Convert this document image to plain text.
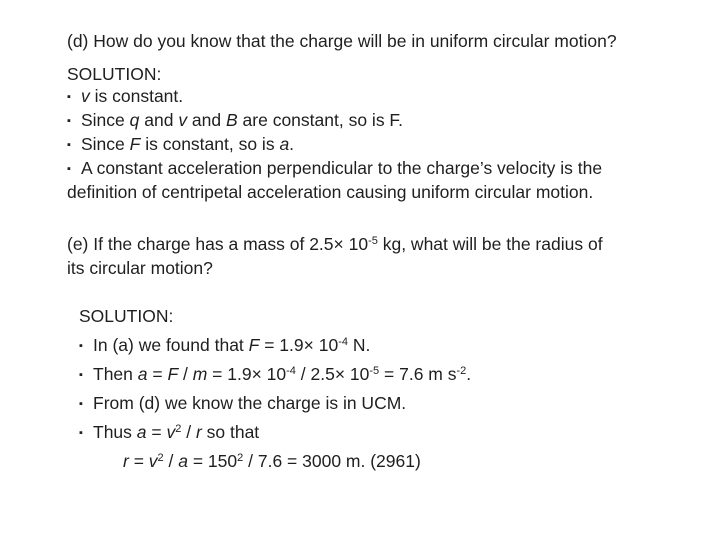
(d) How do you know that the charge will be in uniform circular motion?
SOLUTION:
▪ v is constant.
▪ Since q and v and B are constant, so is F.
▪ Since F is constant, so is a.
▪ A constant acceleration perpendicular to the charge’s velocity is the
definition of centripetal acceleration causing uniform circular motion.
(e) If the charge has a mass of $2.5\times 10^{-5}$ kg, what will be the radius of
its circular motion?
SOLUTION:
▪ In (a) we found that $F = 1.9\times 10^{-4}$ N.
▪ Then $a = F / m = 1.9\times 10^{-4} / 2.5\times 10^{-5} = 7.6$ m $s^{-2}$.
▪ From (d) we know the charge is in UCM.
▪ Thus $a = v^2 / r$ so that
$r = v^2 / a = 150^2 / 7.6 = 3000$ m. (2961)
